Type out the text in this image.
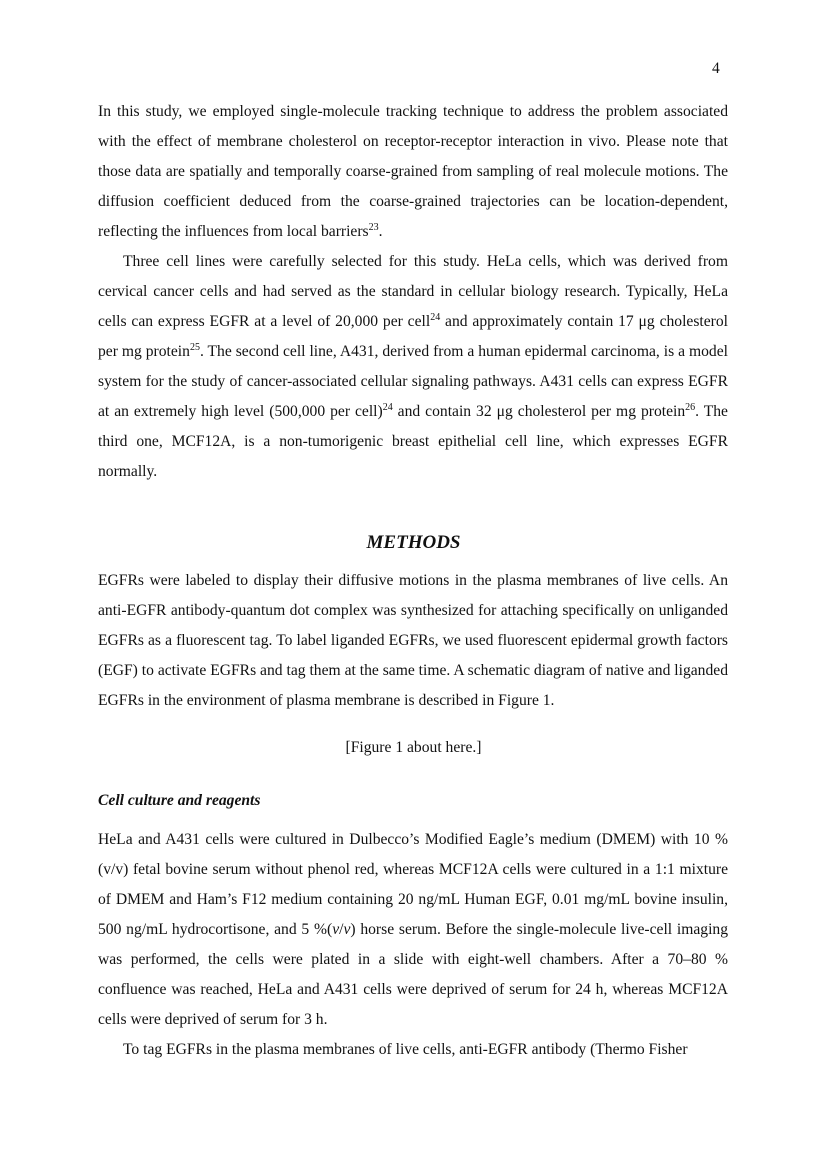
4

In this study, we employed single-molecule tracking technique to address the problem associated with the effect of membrane cholesterol on receptor-receptor interaction in vivo. Please note that those data are spatially and temporally coarse-grained from sampling of real molecule motions. The diffusion coefficient deduced from the coarse-grained trajectories can be location-dependent, reflecting the influences from local barriers$^{23}$.

Three cell lines were carefully selected for this study. HeLa cells, which was derived from cervical cancer cells and had served as the standard in cellular biology research. Typically, HeLa cells can express EGFR at a level of 20,000 per cell$^{24}$ and approximately contain 17 μg cholesterol per mg protein$^{25}$. The second cell line, A431, derived from a human epidermal carcinoma, is a model system for the study of cancer-associated cellular signaling pathways. A431 cells can express EGFR at an extremely high level (500,000 per cell)$^{24}$ and contain 32 μg cholesterol per mg protein$^{26}$. The third one, MCF12A, is a non-tumorigenic breast epithelial cell line, which expresses EGFR normally.

METHODS

EGFRs were labeled to display their diffusive motions in the plasma membranes of live cells. An anti-EGFR antibody-quantum dot complex was synthesized for attaching specifically on unliganded EGFRs as a fluorescent tag. To label liganded EGFRs, we used fluorescent epidermal growth factors (EGF) to activate EGFRs and tag them at the same time. A schematic diagram of native and liganded EGFRs in the environment of plasma membrane is described in Figure 1.

[Figure 1 about here.]
Cell culture and reagents

HeLa and A431 cells were cultured in Dulbecco’s Modified Eagle’s medium (DMEM) with 10 % (v/v) fetal bovine serum without phenol red, whereas MCF12A cells were cultured in a 1:1 mixture of DMEM and Ham’s F12 medium containing 20 ng/mL Human EGF, 0.01 mg/mL bovine insulin, 500 ng/mL hydrocortisone, and 5 %(v/v) horse serum. Before the single-molecule live-cell imaging was performed, the cells were plated in a slide with eight-well chambers. After a 70–80 % confluence was reached, HeLa and A431 cells were deprived of serum for 24 h, whereas MCF12A cells were deprived of serum for 3 h.

To tag EGFRs in the plasma membranes of live cells, anti-EGFR antibody (Thermo Fisher
